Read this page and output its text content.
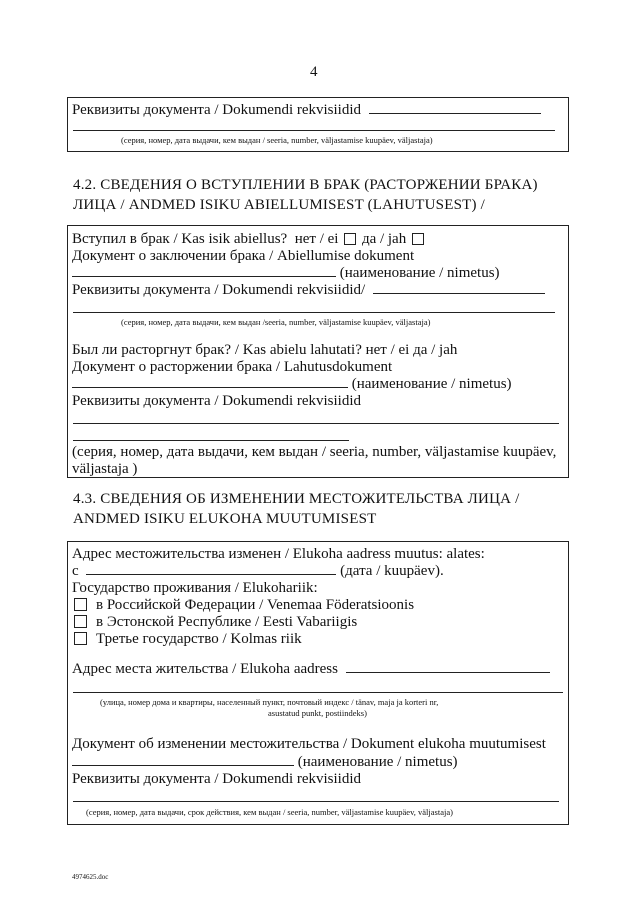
4
Реквизиты документа / Dokumendi rekvisiidid
(серия, номер, дата выдачи, кем выдан / seeria, number, väljastamise kuupäev, väljastaja)
4.2. СВЕДЕНИЯ О ВСТУПЛЕНИИ В БРАК (РАСТОРЖЕНИИ БРАКА)
ЛИЦА / ANDMED ISIKU ABIELLUMISEST (LAHUTUSEST) /
Вступил в брак / Kas isik abiellus? нет / ei да / jah
Документ о заключении брака / Abiellumise dokument
(наименование / nimetus)
Реквизиты документа / Dokumendi rekvisiidid/
(серия, номер, дата выдачи, кем выдан /seeria, number, väljastamise kuupäev, väljastaja)
Был ли расторгнут брак? / Kas abielu lahutati? нет / ei да / jah
Документ о расторжении брака / Lahutusdokument
(наименование / nimetus)
Реквизиты документа / Dokumendi rekvisiidid
(серия, номер, дата выдачи, кем выдан / seeria, number, väljastamise kuupäev,
väljastaja )
4.3. СВЕДЕНИЯ ОБ ИЗМЕНЕНИИ МЕСТОЖИТЕЛЬСТВА ЛИЦА /
ANDMED ISIKU ELUKOHA MUUTUMISEST
Адрес местожительства изменен / Elukoha aadress muutus: alates:
с	(дата / kuupäev).
Государство проживания / Elukohariik:
в Российской Федерации / Venemaa Föderatsioonis
в Эстонской Республике / Eesti Vabariigis
Третье государство / Kolmas riik
Адрес места жительства / Elukoha aadress
(улица, номер дома и квартиры, населенный пункт, почтовый индекс / tänav, maja ja korteri nr,
asustatud punkt, postiindeks)
Документ об изменении местожительства / Dokument elukoha muutumisest
(наименование / nimetus)
Реквизиты документа / Dokumendi rekvisiidid
(серия, номер, дата выдачи, срок действия, кем выдан / seeria, number, väljastamise kuupäev, väljastaja)
4974625.doc
